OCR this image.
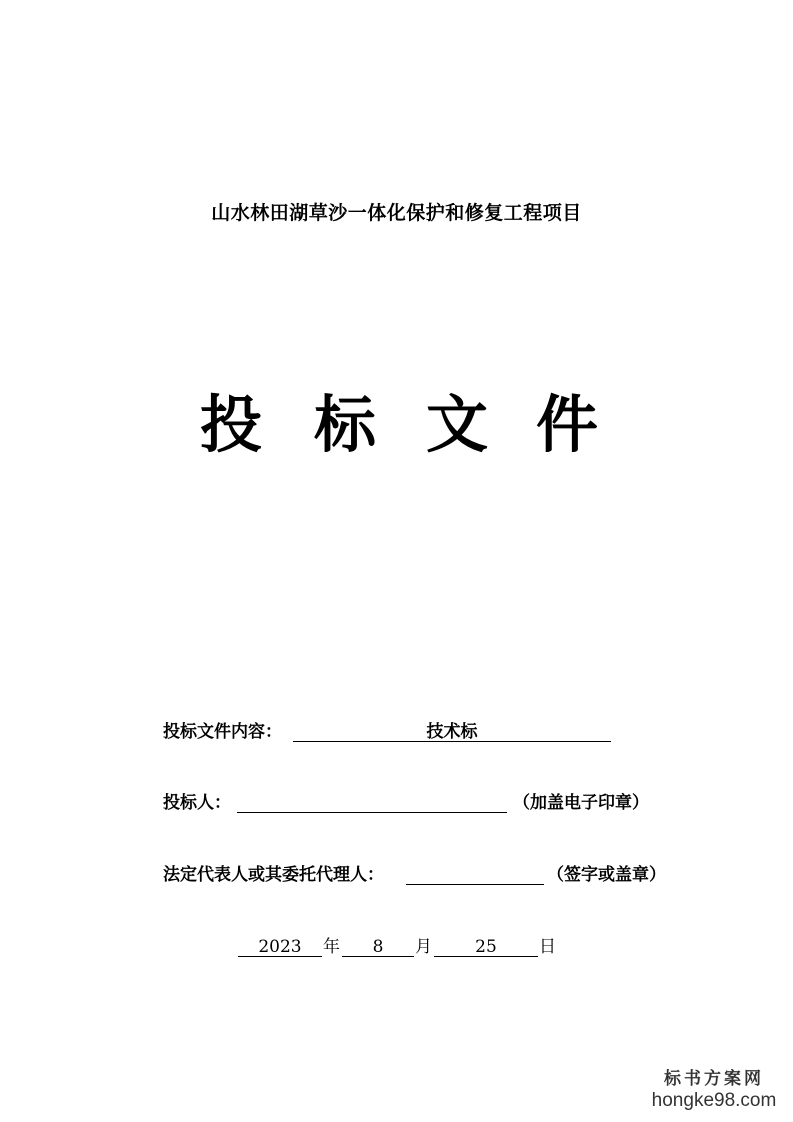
山水林田湖草沙一体化保护和修复工程项目
投 标 文 件
投标文件内容：	技术标
投标人：	（加盖电子印章）
法定代表人或其委托代理人：	（签字或盖章）
2023	年	8	月	25	日
标书方案网
hongke98.com
